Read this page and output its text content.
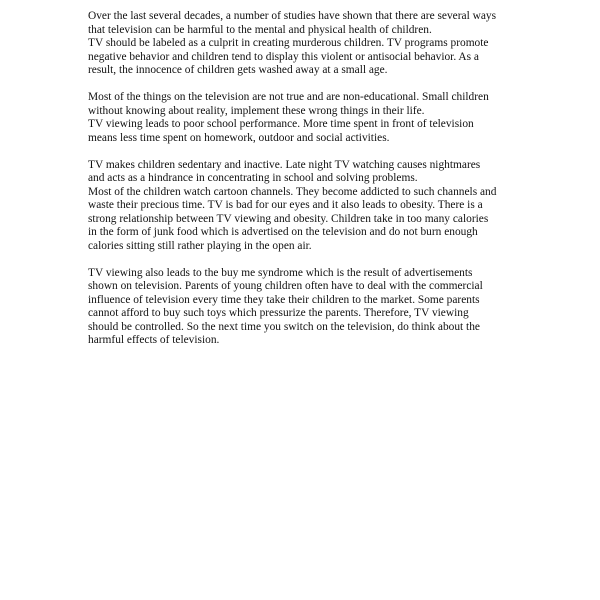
Over the last several decades, a number of studies have shown that there are several ways
that television can be harmful to the mental and physical health of children.
TV should be labeled as a culprit in creating murderous children. TV programs promote
negative behavior and children tend to display this violent or antisocial behavior. As a
result, the innocence of children gets washed away at a small age.

Most of the things on the television are not true and are non-educational. Small children
without knowing about reality, implement these wrong things in their life.
TV viewing leads to poor school performance. More time spent in front of television
means less time spent on homework, outdoor and social activities.

TV makes children sedentary and inactive. Late night TV watching causes nightmares
and acts as a hindrance in concentrating in school and solving problems.
Most of the children watch cartoon channels. They become addicted to such channels and
waste their precious time. TV is bad for our eyes and it also leads to obesity. There is a
strong relationship between TV viewing and obesity. Children take in too many calories
in the form of junk food which is advertised on the television and do not burn enough
calories sitting still rather playing in the open air.

TV viewing also leads to the buy me syndrome which is the result of advertisements
shown on television. Parents of young children often have to deal with the commercial
influence of television every time they take their children to the market. Some parents
cannot afford to buy such toys which pressurize the parents. Therefore, TV viewing
should be controlled. So the next time you switch on the television, do think about the
harmful effects of television.
